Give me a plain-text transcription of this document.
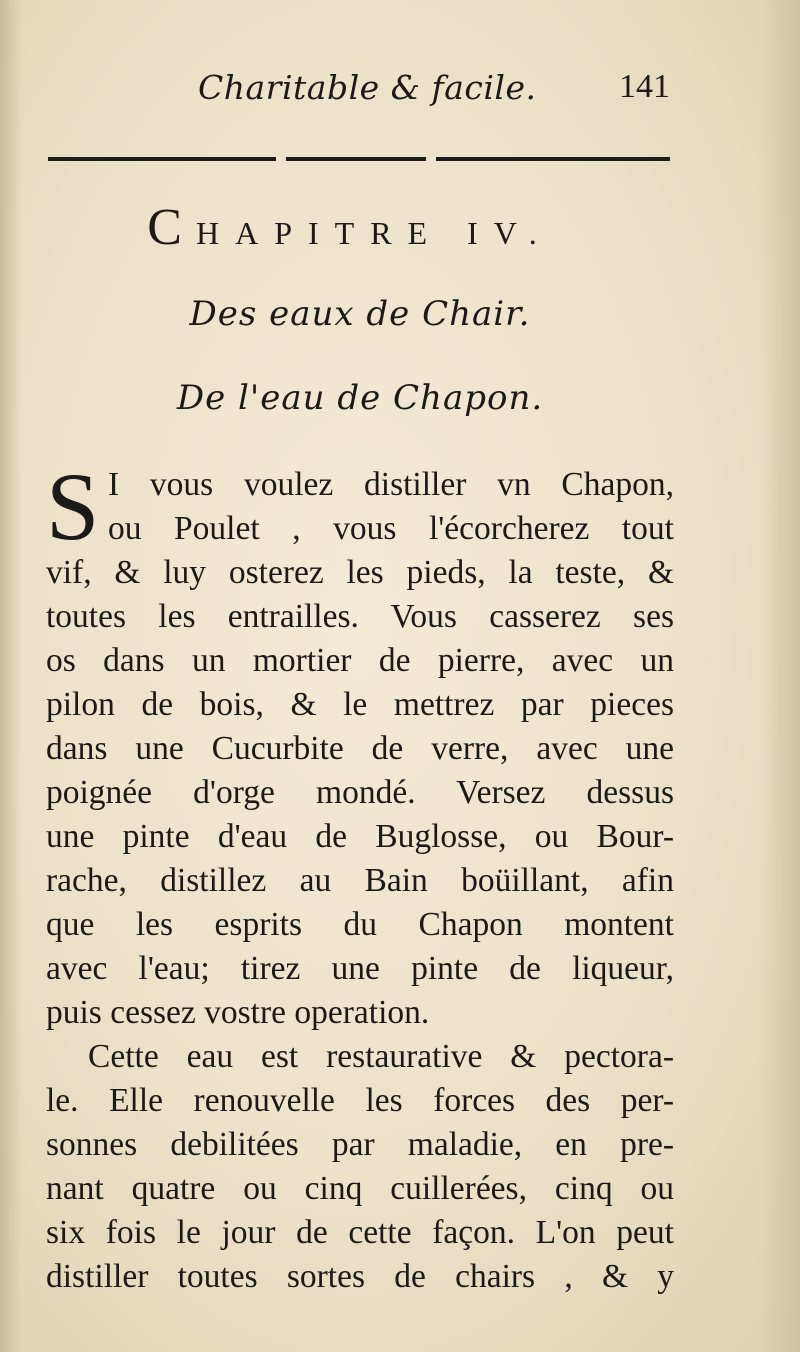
Charitable & facile. 141
CHAPITRE IV.
Des eaux de Chair.
De l'eau de Chapon.
S I vous voulez distiller vn Chapon,
ou Poulet , vous l'écorcherez tout
vif, & luy osterez les pieds, la teste, &
toutes les entrailles. Vous casserez ses
os dans un mortier de pierre, avec un
pilon de bois, & le mettrez par pieces
dans une Cucurbite de verre, avec une
poignée d'orge mondé. Versez dessus
une pinte d'eau de Buglosse, ou Bour-
rache, distillez au Bain boüillant, afin
que les esprits du Chapon montent
avec l'eau; tirez une pinte de liqueur,
puis cessez vostre operation.
Cette eau est restaurative & pectora-
le. Elle renouvelle les forces des per-
sonnes debilitées par maladie, en pre-
nant quatre ou cinq cuillerées, cinq ou
six fois le jour de cette façon. L'on peut
distiller toutes sortes de chairs , & y
